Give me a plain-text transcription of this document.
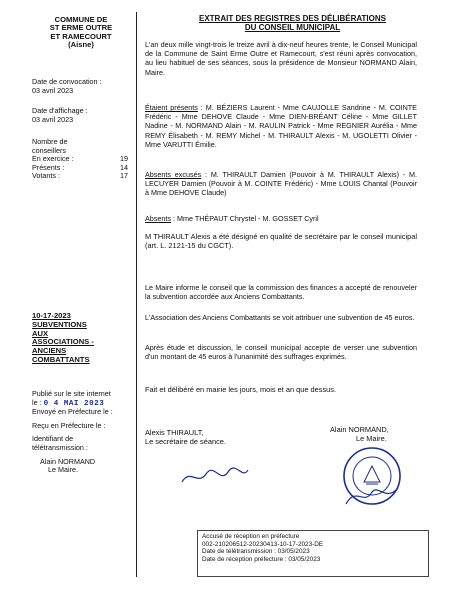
COMMUNE DE
ST ERME OUTRE
ET RAMECOURT
(Aisne)
Date de convocation :
03 avril 2023
Date d'affichage :
03 avril 2023
Nombre de
conseillers
En exercice :	19
Présents :	14
Votants :	17
10-17-2023
SUBVENTIONS
AUX
ASSOCIATIONS -
ANCIENS
COMBATTANTS
Publié sur le site internet
le : 0 4 MAI 2023
Envoyé en Préfecture le :
Reçu en Préfecture le :
Identifiant de
télétransmission :
Alain NORMAND
Le Maire.
EXTRAIT DES REGISTRES DES DÉLIBÉRATIONS
DU CONSEIL MUNICIPAL
L'an deux mille vingt-trois le treize avril à dix-neuf heures trente, le Conseil Municipal de la Commune de Saint Erme Outre et Ramecourt, s'est réuni après convocation, au lieu habituel de ses séances, sous la présidence de Monsieur NORMAND Alain, Maire.
Étaient présents : M. BÉZIERS Laurent - Mme CAUJOLLE Sandrine - M. COINTE Frédéric - Mme DEHOVE Claude - Mme DIEN-BRÉANT Céline - Mme GILLET Nadine - M. NORMAND Alain - M. RAULIN Patrick - Mme REGNIER Aurélia - Mme REMY Élisabeth - M. REMY Michel - M. THIRAULT Alexis - M. UGOLETTI Olivier - Mme VARUTTI Émilie.
Absents excusés : M. THIRAULT Damien (Pouvoir à M. THIRAULT Alexis) - M. LECUYER Damien (Pouvoir à M. COINTE Frédéric) - Mme LOUIS Chantal (Pouvoir à Mme DEHOVE Claude)
Absents : Mme THÉPAUT Chrystel - M. GOSSET Cyril
M THIRAULT Alexis a été désigné en qualité de secrétaire par le conseil municipal (art. L. 2121-15 du CGCT).
Le Maire informe le conseil que la commission des finances a accepté de renouveler la subvention accordée aux Anciens Combattants.
L'Association des Anciens Combattants se voit attribuer une subvention de 45 euros.
Après étude et discussion, le conseil municipal accepte de verser une subvention d'un montant de 45 euros à l'unanimité des suffrages exprimés.
Fait et délibéré en mairie les jours, mois et an que dessus.
Alexis THIRAULT,
Le secrétaire de séance.
Alain NORMAND,
Le Maire.
Accusé de réception en préfecture
002-210206512-20230413-10-17-2023-DE
Date de télétransmission : 03/05/2023
Date de réception préfecture : 03/05/2023
